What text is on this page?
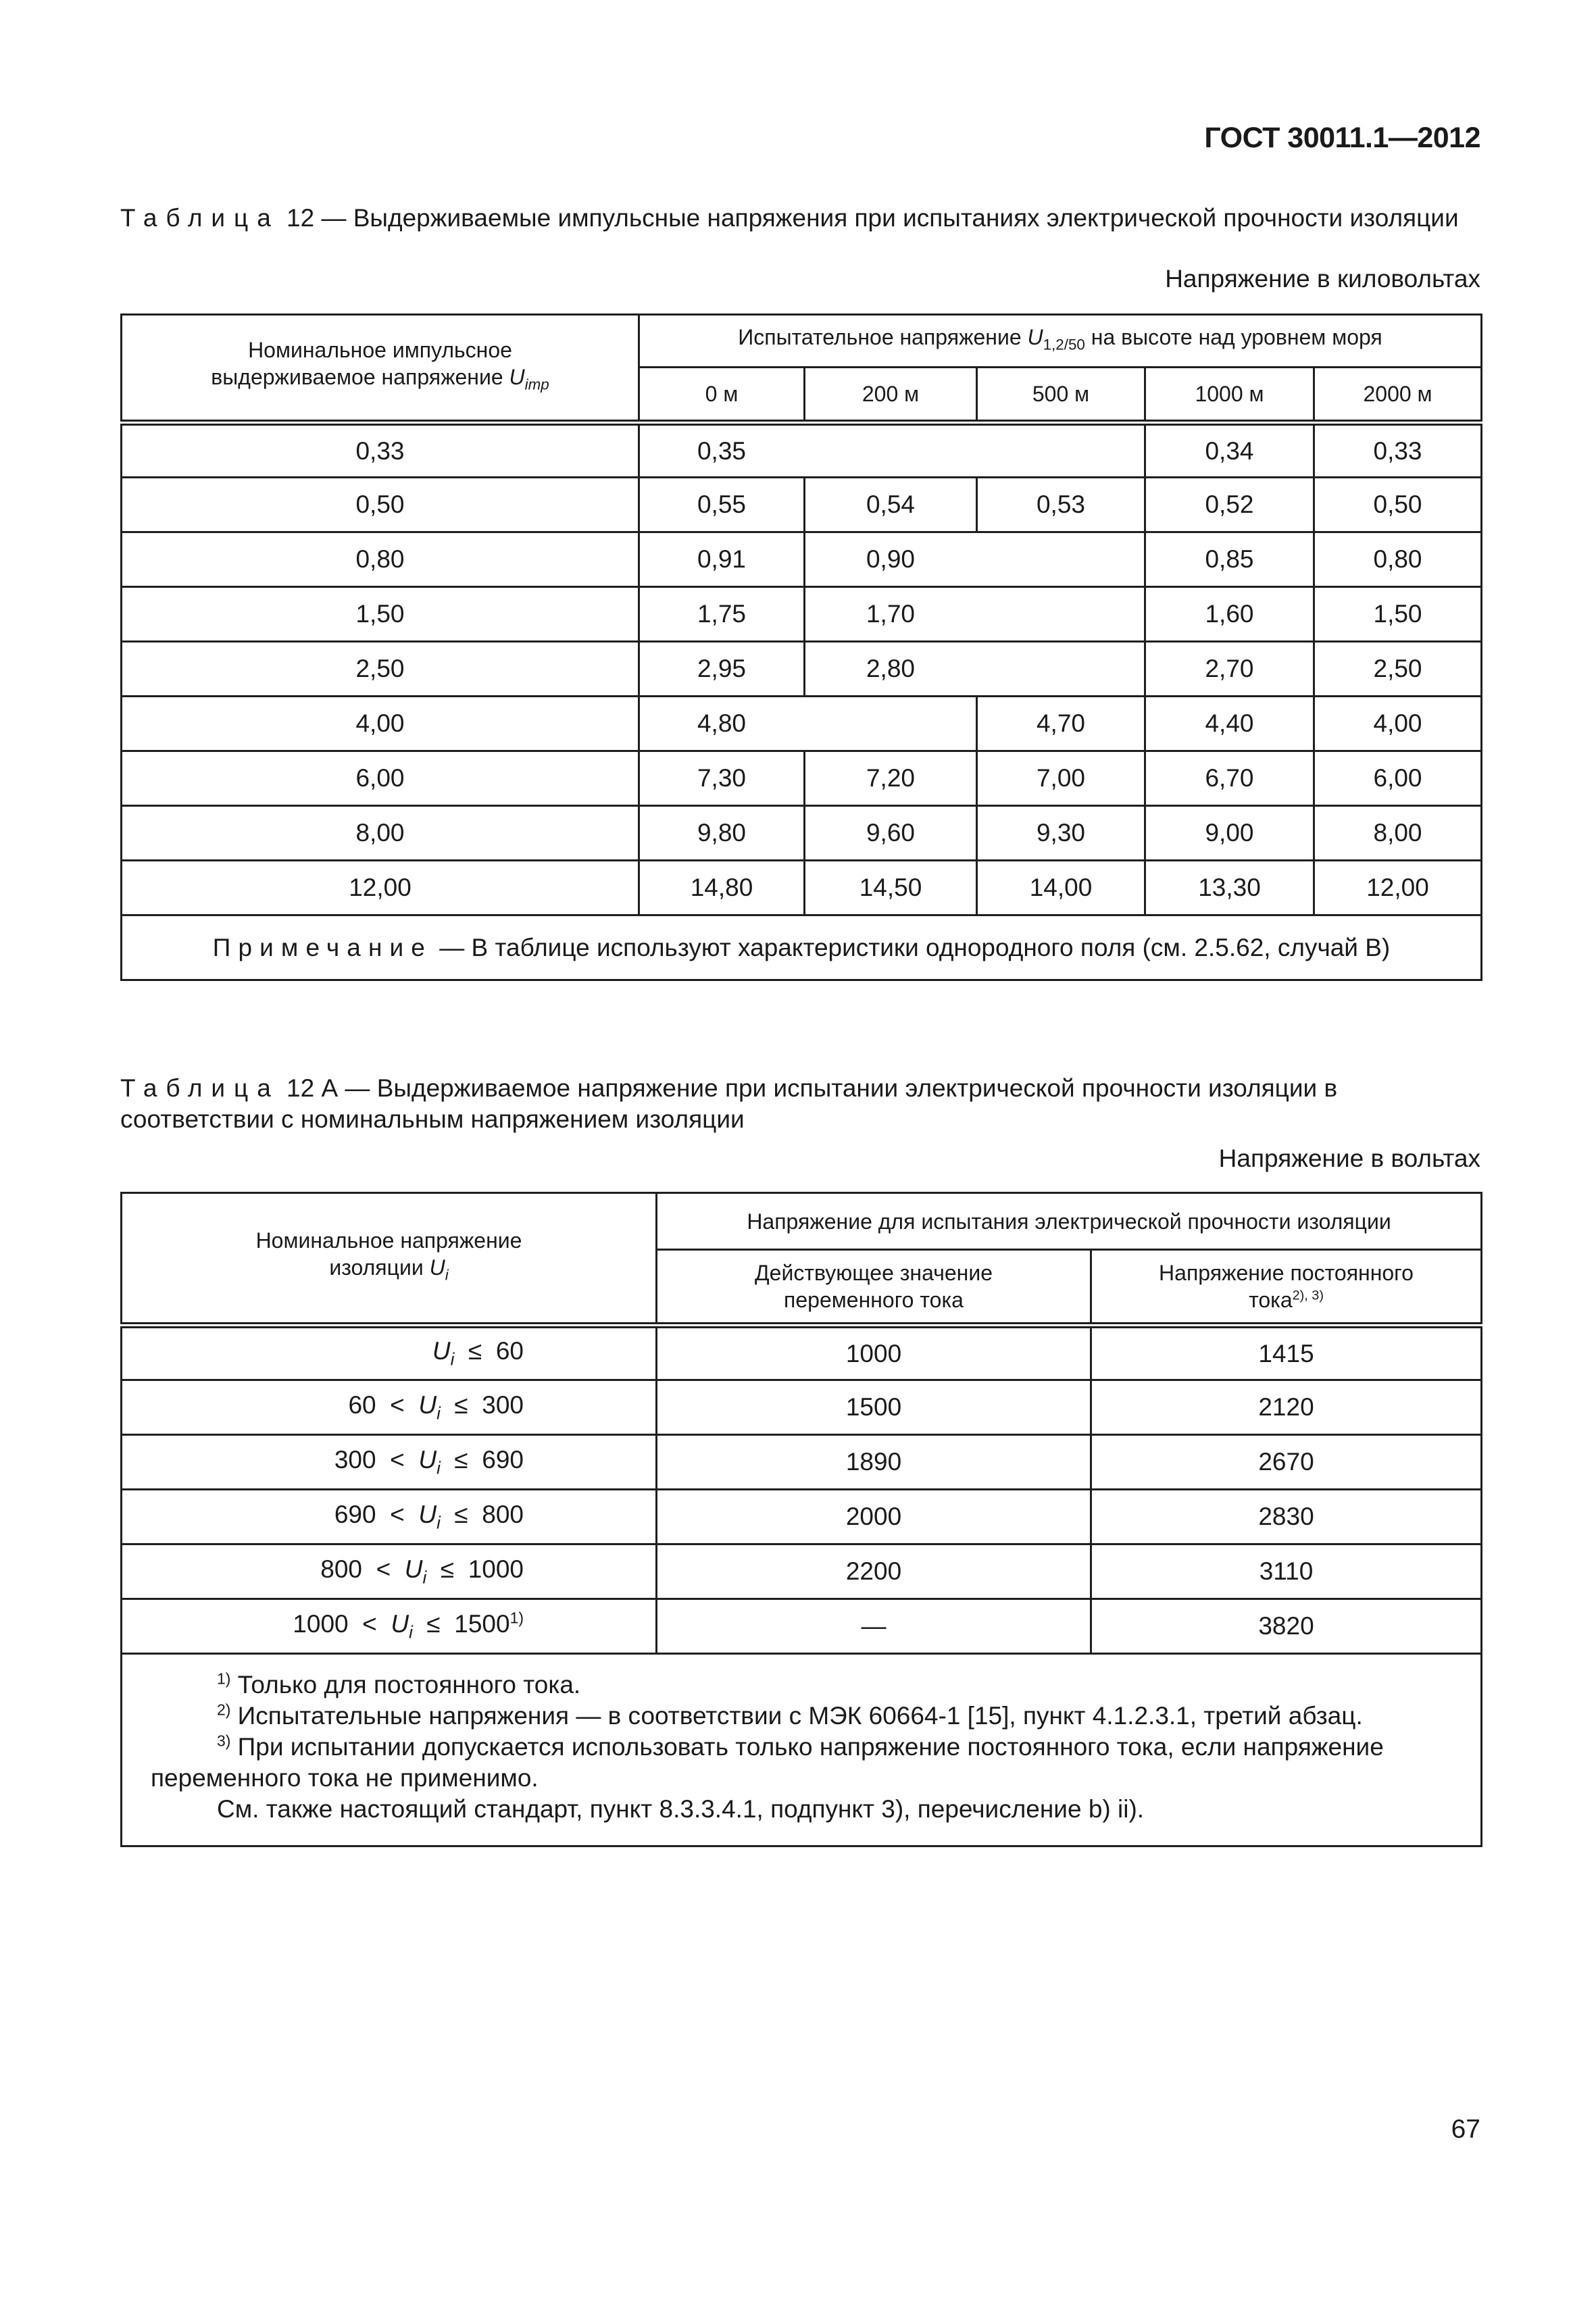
ГОСТ 30011.1—2012
Таблица 12 — Выдерживаемые импульсные напряжения при испытаниях электрической прочности изоляции
Напряжение в киловольтах
Номинальное импульсное
выдерживаемое напряжение $U_{imp}$	Испытательное напряжение $U_{1,2/50}$ на высоте над уровнем моря				
	0 м	200 м	500 м	1000 м	2000 м
0,33	0,35			0,34	0,33
0,50	0,55	0,54	0,53	0,52	0,50
0,80	0,91	0,90		0,85	0,80
1,50	1,75	1,70		1,60	1,50
2,50	2,95	2,80		2,70	2,50
4,00	4,80		4,70	4,40	4,00
6,00	7,30	7,20	7,00	6,70	6,00
8,00	9,80	9,60	9,30	9,00	8,00
12,00	14,80	14,50	14,00	13,30	12,00
Примечание — В таблице используют характеристики однородного поля (см. 2.5.62, случай В)					
Таблица 12 А — Выдерживаемое напряжение при испытании электрической прочности изоляции в соответствии с номинальным напряжением изоляции
Напряжение в вольтах
Номинальное напряжение
изоляции $U_i$	Напряжение для испытания электрической прочности изоляции	
	Действующее значение
переменного тока	Напряжение постоянного
тока$^{2), 3)}$
$U_i \le 60$	1000	1415
$60 < U_i \le 300$	1500	2120
$300 < U_i \le 690$	1890	2670
$690 < U_i \le 800$	2000	2830
$800 < U_i \le 1000$	2200	3110
$1000 < U_i \le 1500^{1)}$	—	3820

$^{1)}$ Только для постоянного тока.

$^{2)}$ Испытательные напряжения — в соответствии с МЭК 60664-1 [15], пункт 4.1.2.3.1, третий абзац.

$^{3)}$ При испытании допускается использовать только напряжение постоянного тока, если напряжение переменного тока не применимо.

См. также настоящий стандарт, пункт 8.3.3.4.1, подпункт 3), перечисление b) ii).		

67
